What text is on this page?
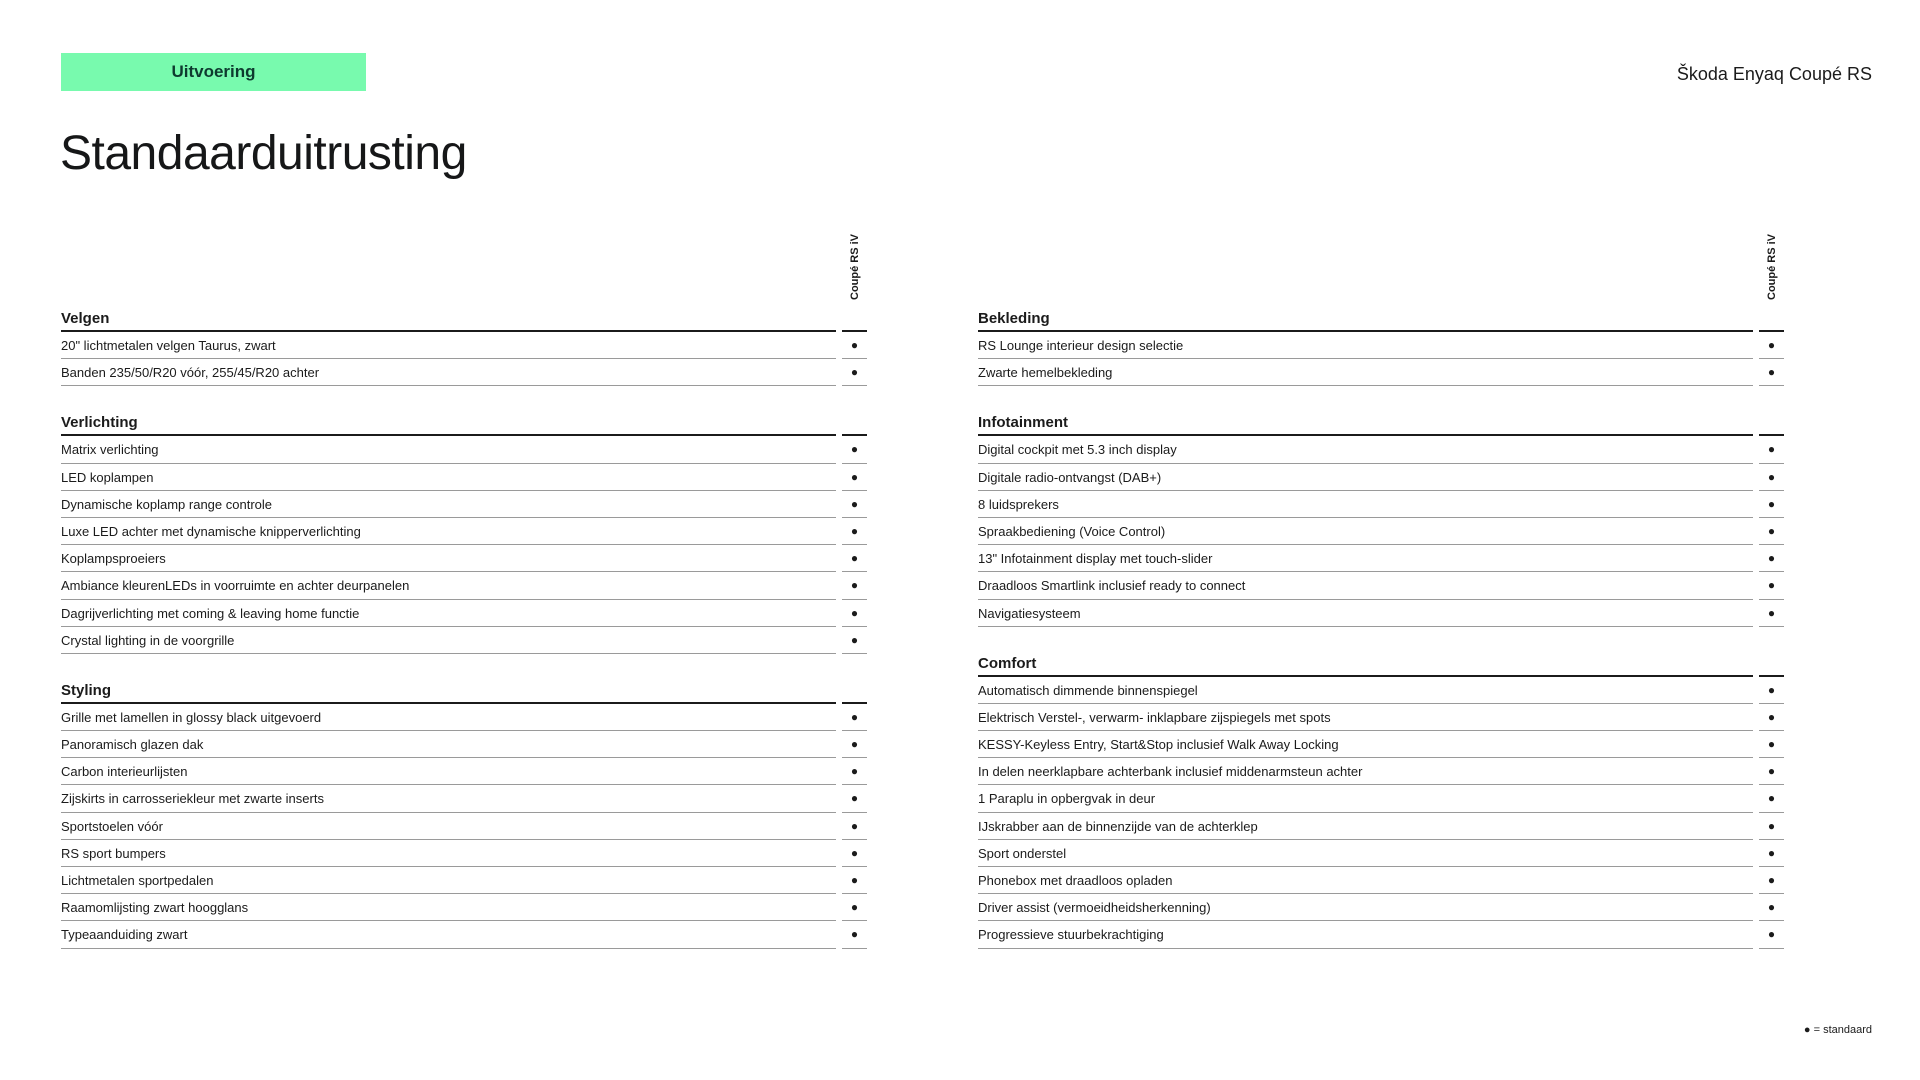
Uitvoering	Škoda Enyaq Coupé RS
Standaarduitrusting
Coupé RS iV	Coupé RS iV
Velgen
20" lichtmetalen velgen Taurus, zwart	●
Banden 235/50/R20 vóór, 255/45/R20 achter	●
Verlichting
Matrix verlichting	●
LED koplampen	●
Dynamische koplamp range controle	●
Luxe LED achter met dynamische knipperverlichting	●
Koplampsproeiers	●
Ambiance kleurenLEDs in voorruimte en achter deurpanelen	●
Dagrijverlichting met coming & leaving home functie	●
Crystal lighting in de voorgrille	●
Styling
Grille met lamellen in glossy black uitgevoerd	●
Panoramisch glazen dak	●
Carbon interieurlijsten	●
Zijskirts in carrosseriekleur met zwarte inserts	●
Sportstoelen vóór	●
RS sport bumpers	●
Lichtmetalen sportpedalen	●
Raamomlijsting zwart hoogglans	●
Typeaanduiding zwart	●
Bekleding
RS Lounge interieur design selectie	●
Zwarte hemelbekleding	●
Infotainment
Digital cockpit met 5.3 inch display	●
Digitale radio-ontvangst (DAB+)	●
8 luidsprekers	●
Spraakbediening (Voice Control)	●
13" Infotainment display met touch-slider	●
Draadloos Smartlink inclusief ready to connect	●
Navigatiesysteem	●
Comfort
Automatisch dimmende binnenspiegel	●
Elektrisch Verstel-, verwarm- inklapbare zijspiegels met spots	●
KESSY-Keyless Entry, Start&Stop inclusief Walk Away Locking	●
In delen neerklapbare achterbank inclusief middenarmsteun achter	●
1 Paraplu in opbergvak in deur	●
IJskrabber aan de binnenzijde van de achterklep	●
Sport onderstel	●
Phonebox met draadloos opladen	●
Driver assist (vermoeidheidsherkenning)	●
Progressieve stuurbekrachtiging	●
● = standaard
